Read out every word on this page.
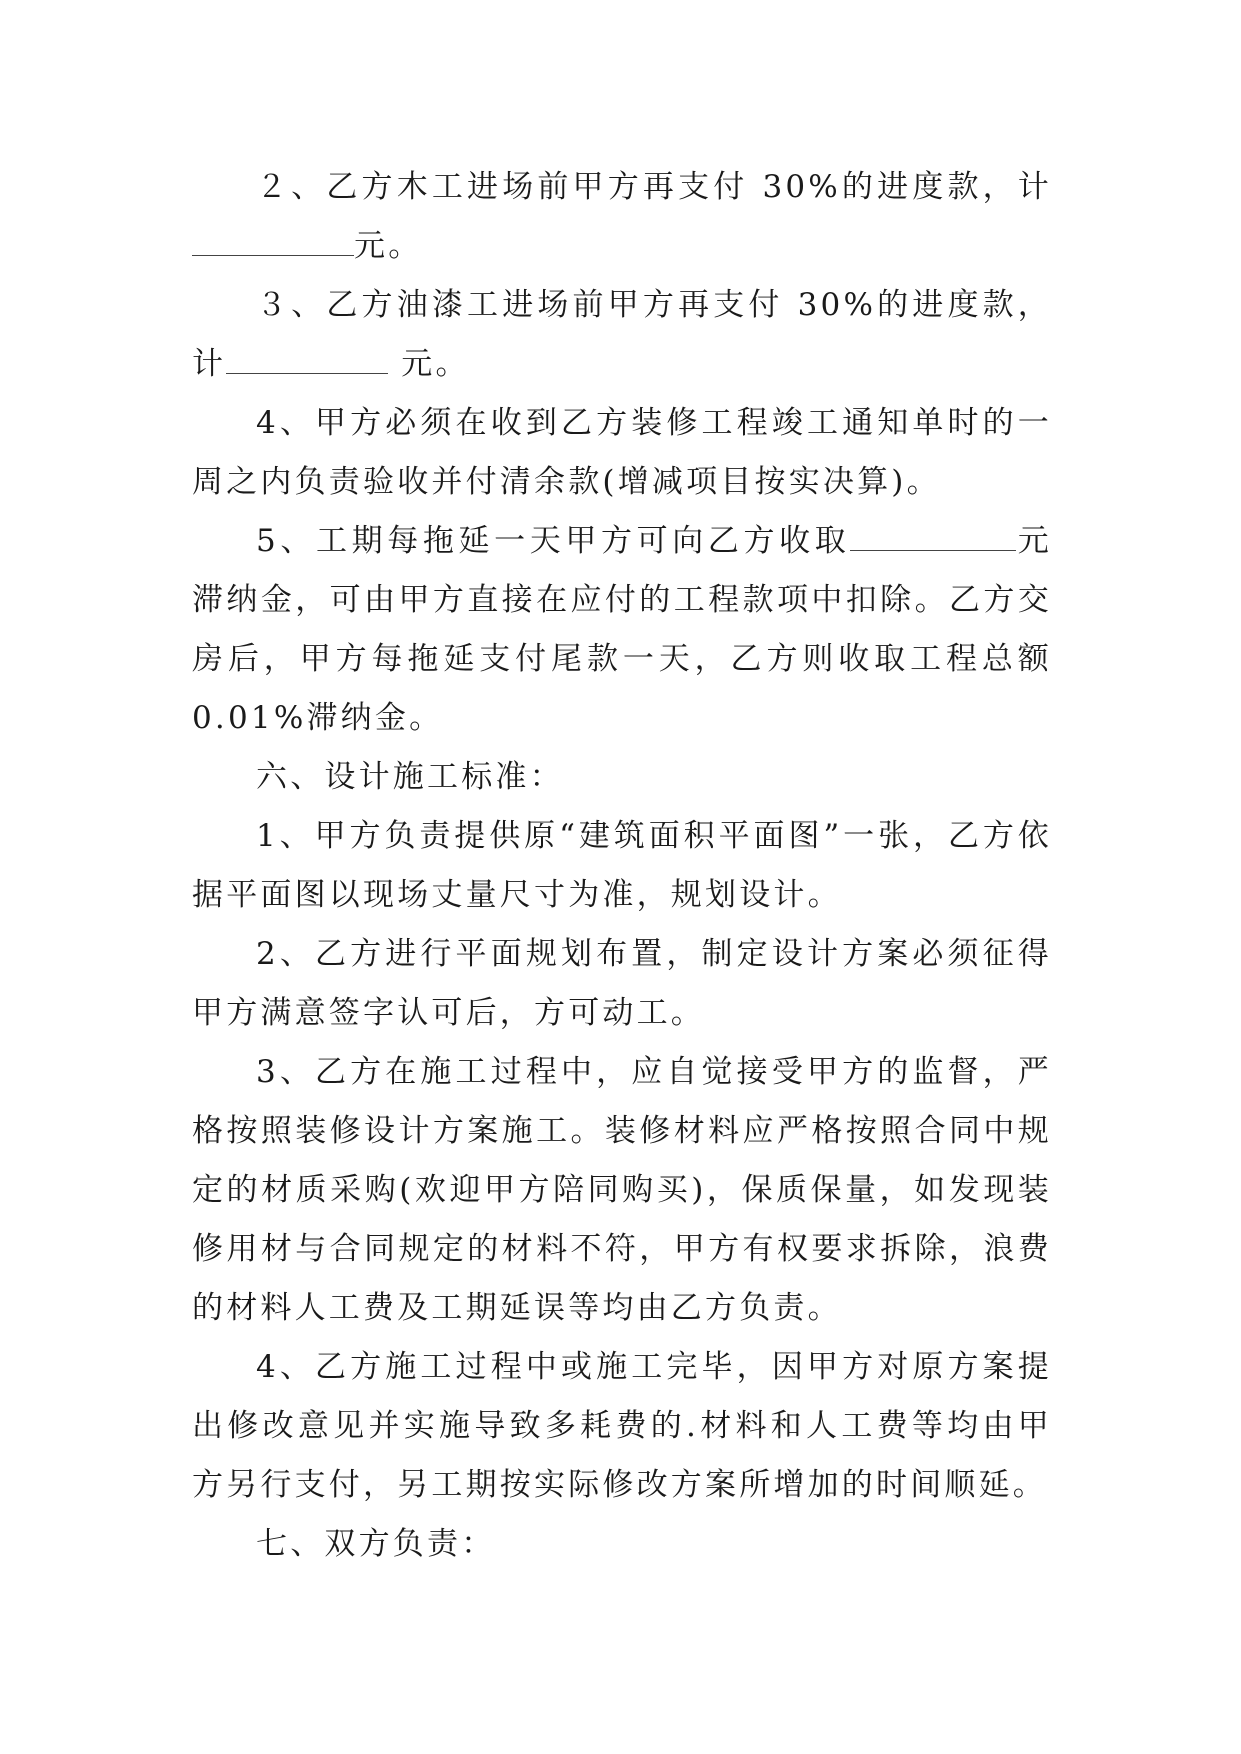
２、乙方木工进场前甲方再支付 30%的进度款，计元。

３、乙方油漆工进场前甲方再支付 30%的进度款，计	元。

4、甲方必须在收到乙方装修工程竣工通知单时的一周之内负责验收并付清余款(增减项目按实决算)。

5、工期每拖延一天甲方可向乙方收取	元滞纳金，可由甲方直接在应付的工程款项中扣除。乙方交房后，甲方每拖延支付尾款一天，乙方则收取工程总额 0.01%滞纳金。

六、设计施工标准：

1、甲方负责提供原“建筑面积平面图”一张，乙方依据平面图以现场丈量尺寸为准，规划设计。

2、乙方进行平面规划布置，制定设计方案必须征得甲方满意签字认可后，方可动工。

3、乙方在施工过程中，应自觉接受甲方的监督，严格按照装修设计方案施工。装修材料应严格按照合同中规定的材质采购(欢迎甲方陪同购买)，保质保量，如发现装修用材与合同规定的材料不符，甲方有权要求拆除，浪费的材料人工费及工期延误等均由乙方负责。

4、乙方施工过程中或施工完毕，因甲方对原方案提出修改意见并实施导致多耗费的.材料和人工费等均由甲方另行支付，另工期按实际修改方案所增加的时间顺延。

七、双方负责：
